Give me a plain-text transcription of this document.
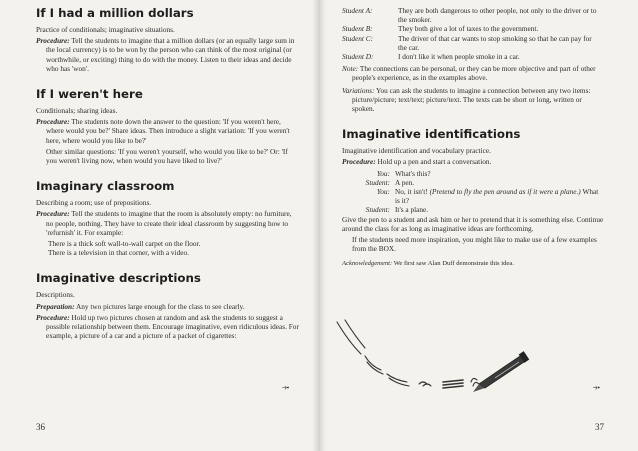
If I had a million dollars

Practice of conditionals; imaginative situations.

Procedure: Tell the students to imagine that a million dollars (or an equally large sum in the local currency) is to be won by the person who can think of the most original (or worthwhile, or exciting) thing to do with the money. Listen to their ideas and decide who has 'won'.

If I weren't here

Conditionals; sharing ideas.

Procedure: The students note down the answer to the question: 'If you weren't here, where would you be?' Share ideas. Then introduce a slight variation: 'If you weren't here, where would you like to be?'

Other similar questions: 'If you weren't yourself, who would you like to be?' Or: 'If you weren't living now, when would you have liked to live?'

Imaginary classroom

Describing a room; use of prepositions.

Procedure: Tell the students to imagine that the room is absolutely empty: no furniture, no people, nothing. They have to create their ideal classroom by suggesting how to 'refurnish' it. For example:

There is a thick soft wall-to-wall carpet on the floor.

There is a television in that corner, with a video.

Imaginative descriptions

Descriptions.

Preparation: Any two pictures large enough for the class to see clearly.

Procedure: Hold up two pictures chosen at random and ask the students to suggest a possible relationship between them. Encourage imaginative, even ridiculous ideas. For example, a picture of a car and a picture of a packet of cigarettes:

⤞
36
Student A:	They are both dangerous to other people, not only to the driver or to the smoker.
Student B:	They both give a lot of taxes to the government.
Student C:	The driver of that car wants to stop smoking so that he can pay for the car.
Student D:	I don't like it when people smoke in a car.

Note: The connections can be personal, or they can be more objective and part of other people's experience, as in the examples above.

Variations: You can ask the students to imagine a connection between any two items: picture/picture; text/text; picture/text. The texts can be short or long, written or spoken.

Imaginative identifications

Imaginative identification and vocabulary practice.

Procedure: Hold up a pen and start a conversation.

You: What's this?
Student: A pen.
You: No, it isn't! (Pretend to fly the pen around as if it were a plane.) What is it?
Student: It's a plane.

Give the pen to a student and ask him or her to pretend that it is something else. Continue around the class for as long as imaginative ideas are forthcoming.

If the students need more inspiration, you might like to make use of a few examples from the BOX.

Acknowledgement: We first saw Alan Duff demonstrate this idea.

⤞
37
